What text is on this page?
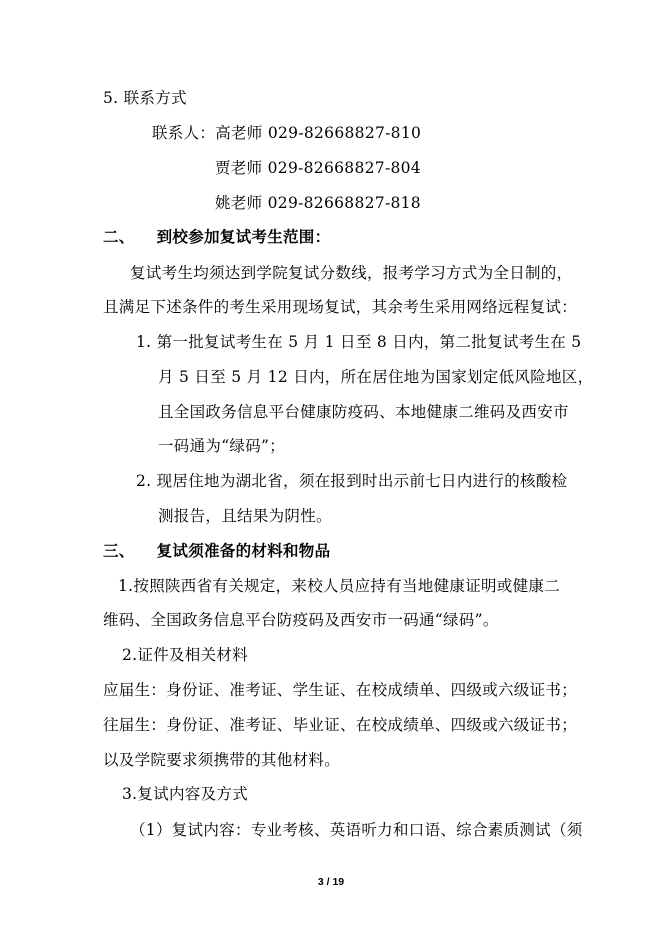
5. 联系方式
联系人：高老师 029-82668827-810
贾老师 029-82668827-804
姚老师 029-82668827-818
二、 到校参加复试考生范围：
复试考生均须达到学院复试分数线，报考学习方式为全日制的，
且满足下述条件的考生采用现场复试，其余考生采用网络远程复试：
1. 第一批复试考生在 5 月 1 日至 8 日内，第二批复试考生在 5
月 5 日至 5 月 12 日内，所在居住地为国家划定低风险地区，
且全国政务信息平台健康防疫码、本地健康二维码及西安市
一码通为“绿码”；
2. 现居住地为湖北省，须在报到时出示前七日内进行的核酸检
测报告，且结果为阴性。
三、 复试须准备的材料和物品
1.按照陕西省有关规定，来校人员应持有当地健康证明或健康二
维码、全国政务信息平台防疫码及西安市一码通“绿码”。
2.证件及相关材料
应届生：身份证、准考证、学生证、在校成绩单、四级或六级证书；
往届生：身份证、准考证、毕业证、在校成绩单、四级或六级证书；
以及学院要求须携带的其他材料。
3.复试内容及方式
（1）复试内容：专业考核、英语听力和口语、综合素质测试（须
3 / 19
